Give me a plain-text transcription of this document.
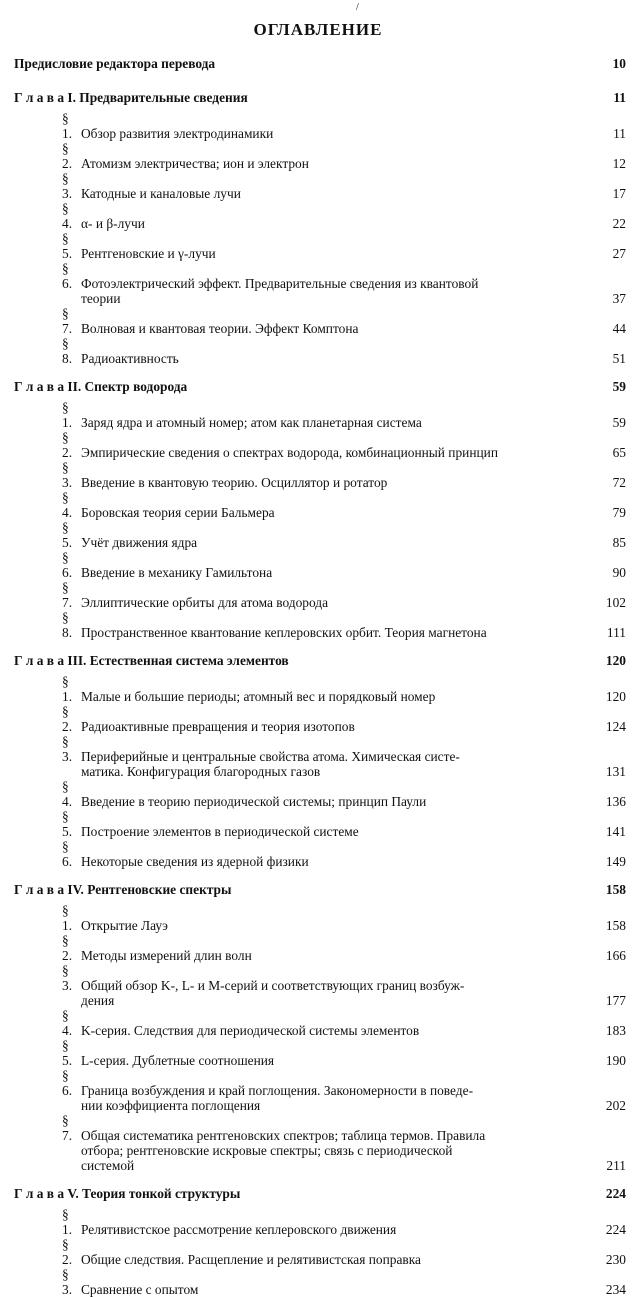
/
ОГЛАВЛЕНИЕ
Предисловие редактора перевода	10
Г л а в а I. Предварительные сведения	11
§ 1. Обзор развития электродинамики	11
§ 2. Атомизм электричества; ион и электрон	12
§ 3. Катодные и каналовые лучи	17
§ 4. α- и β-лучи	22
§ 5. Рентгеновские и γ-лучи	27
§ 6. Фотоэлектрический эффект. Предварительные сведения из квантовой
теории	37
§ 7. Волновая и квантовая теории. Эффект Комптона	44
§ 8. Радиоактивность	51
Г л а в а II. Спектр водорода	59
§ 1. Заряд ядра и атомный номер; атом как планетарная система	59
§ 2. Эмпирические сведения о спектрах водорода, комбинационный принцип	65
§ 3. Введение в квантовую теорию. Осциллятор и ротатор	72
§ 4. Боровская теория серии Бальмера	79
§ 5. Учёт движения ядра	85
§ 6. Введение в механику Гамильтона	90
§ 7. Эллиптические орбиты для атома водорода	102
§ 8. Пространственное квантование кеплеровских орбит. Теория магнетона	111
Г л а в а III. Естественная система элементов	120
§ 1. Малые и большие периоды; атомный вес и порядковый номер	120
§ 2. Радиоактивные превращения и теория изотопов	124
§ 3. Периферийные и центральные свойства атома. Химическая систе-
матика. Конфигурация благородных газов	131
§ 4. Введение в теорию периодической системы; принцип Паули	136
§ 5. Построение элементов в периодической системе	141
§ 6. Некоторые сведения из ядерной физики	149
Г л а в а IV. Рентгеновские спектры	158
§ 1. Открытие Лауэ	158
§ 2. Методы измерений длин волн	166
§ 3. Общий обзор K-, L- и M-серий и соответствующих границ возбуж-
дения	177
§ 4. K-серия. Следствия для периодической системы элементов	183
§ 5. L-серия. Дублетные соотношения	190
§ 6. Граница возбуждения и край поглощения. Закономерности в поведе-
нии коэффициента поглощения	202
§ 7. Общая систематика рентгеновских спектров; таблица термов. Правила
отбора; рентгеновские искровые спектры; связь с периодической
системой	211
Г л а в а V. Теория тонкой структуры	224
§ 1. Релятивистское рассмотрение кеплеровского движения	224
§ 2. Общие следствия. Расщепление и релятивистская поправка	230
§ 3. Сравнение с опытом	234
